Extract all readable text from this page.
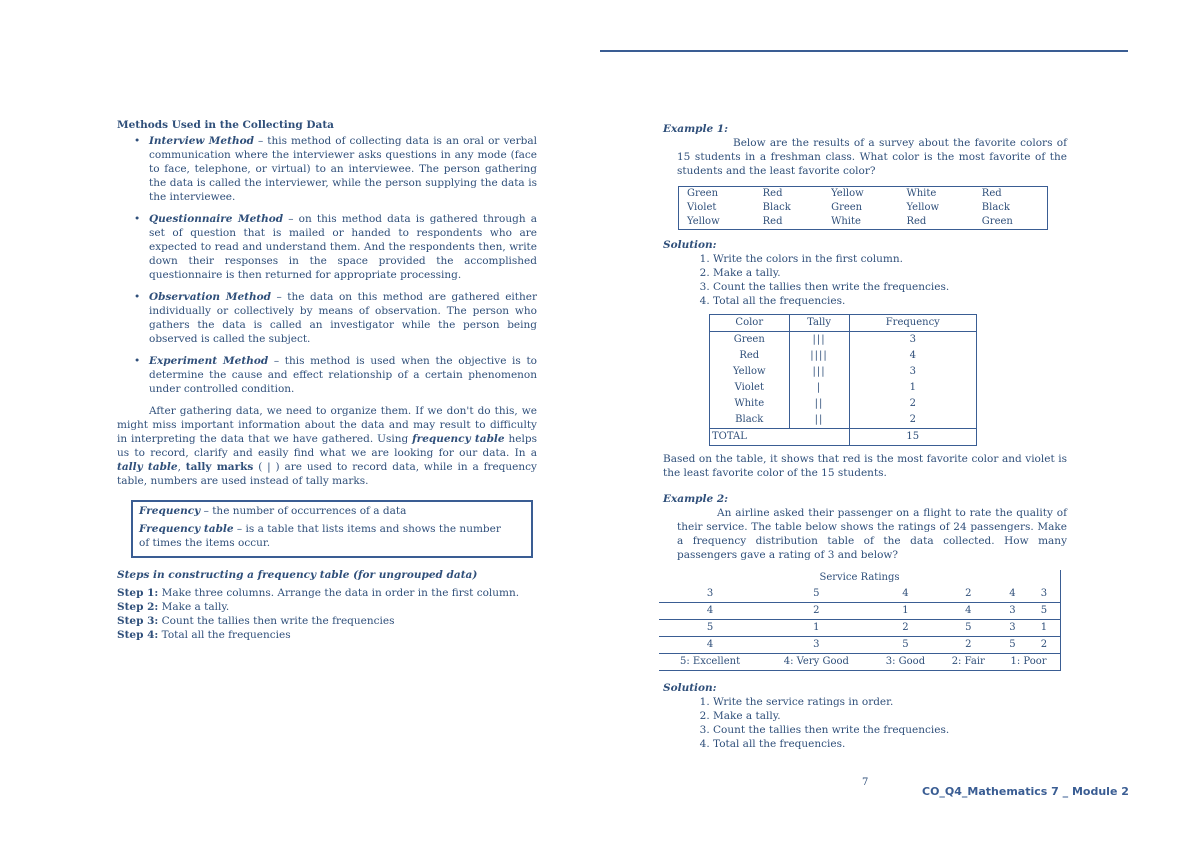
Methods Used in the Collecting Data
• Interview Method – this method of collecting data is an oral or verbal communication where the interviewer asks questions in any mode (face to face, telephone, or virtual) to an interviewee. The person gathering the data is called the interviewer, while the person supplying the data is the interviewee.
• Questionnaire Method – on this method data is gathered through a set of question that is mailed or handed to respondents who are expected to read and understand them. And the respondents then, write down their responses in the space provided the accomplished questionnaire is then returned for appropriate processing.
• Observation Method – the data on this method are gathered either individually or collectively by means of observation. The person who gathers the data is called an investigator while the person being observed is called the subject.
• Experiment Method – this method is used when the objective is to determine the cause and effect relationship of a certain phenomenon under controlled condition.
After gathering data, we need to organize them. If we don't do this, we might miss important information about the data and may result to difficulty in interpreting the data that we have gathered. Using frequency table helps us to record, clarify and easily find what we are looking for our data. In a tally table, tally marks ( | ) are used to record data, while in a frequency table, numbers are used instead of tally marks.

Frequency – the number of occurrences of a data

Frequency table – is a table that lists items and shows the number of times the items occur.

Steps in constructing a frequency table (for ungrouped data)
Step 1: Make three columns. Arrange the data in order in the first column.
Step 2: Make a tally.
Step 3: Count the tallies then write the frequencies
Step 4: Total all the frequencies
Example 1:
Below are the results of a survey about the favorite colors of 15 students in a freshman class. What color is the most favorite of the students and the least favorite color?
Green	Red	Yellow	White	Red
Violet	Black	Green	Yellow	Black
Yellow	Red	White	Red	Green
Solution:
1. Write the colors in the first column.
2. Make a tally.
3. Count the tallies then write the frequencies.
4. Total all the frequencies.
Color	Tally	Frequency
Green	|||	3
Red	||||	4
Yellow	|||	3
Violet	|	1
White	||	2
Black	||	2
TOTAL		15
Based on the table, it shows that red is the most favorite color and violet is the least favorite color of the 15 students.
Example 2:
An airline asked their passenger on a flight to rate the quality of their service. The table below shows the ratings of 24 passengers. Make a frequency distribution table of the data collected. How many passengers gave a rating of 3 and below?
Service Ratings					
3	5	4	2	4	3
4	2	1	4	3	5
5	1	2	5	3	1
4	3	5	2	5	2
5: Excellent	4: Very Good	3: Good	2: Fair	1: Poor	
Solution:
1. Write the service ratings in order.
2. Make a tally.
3. Count the tallies then write the frequencies.
4. Total all the frequencies.
7
CO_Q4_Mathematics 7 _ Module 2
